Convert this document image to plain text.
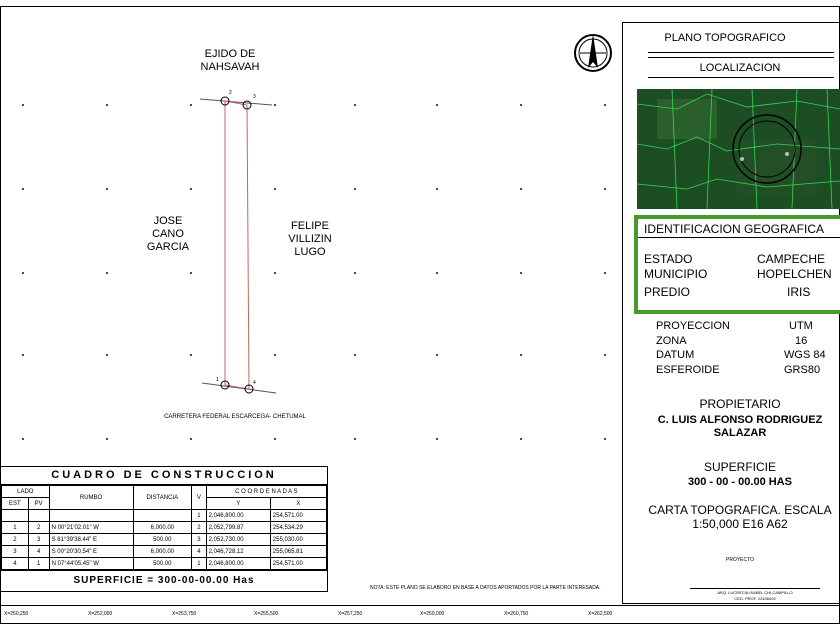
EJIDO DE
NAHSAVAH
JOSE
CANO
GARCIA
FELIPE
VILLIZIN
LUGO
CARRETERA FEDERAL ESCARCEGA- CHETUMAL
2
3
1	4
CUADRO DE CONSTRUCCION
LADO		RUMBO	DISTANCIA	V	C O O R D E N A D A S	
EST	PV				Y	X
				1	2,046,800.00	254,571.00
1	2	N 00°21'02.01" W	6,000.00	2	2,052,799.87	254,534.29
2	3	S 81°39'38.44" E	500.00	3	2,052,730.00	255,030.00
3	4	S 00°20'30.54" E	6,000.00	4	2,046,728.12	255,065.81
4	1	N 07°44'05.45" W	500.00	1	2,046,800.00	254,571.00
SUPERFICIE = 300-00-00.00 Has
NOTA: ESTE PLANO SE ELABORO EN BASE A DATOS APORTADOS POR LA PARTE INTERESADA.
X=250,250	X=252,000	X=253,750	X=255,500	X=257,250	X=259,000	X=260,750	X=262,500
PLANO TOPOGRAFICO
LOCALIZACION
IDENTIFICACION GEOGRAFICA
ESTADO	CAMPECHE
MUNICIPIO	HOPELCHEN
PREDIO	IRIS
PROYECCION	UTM
ZONA	16
DATUM	WGS 84
ESFEROIDE	GRS80
PROPIETARIO
C. LUIS ALFONSO RODRIGUEZ
SALAZAR
SUPERFICIE
300 - 00 - 00.00 HAS
CARTA TOPOGRAFICA. ESCALA
1:50,000 E16 A62
PROYECTO
ARQ. LUCRECIA ISABEL CHI CAMPILLO
CED. PROF. 12436002
